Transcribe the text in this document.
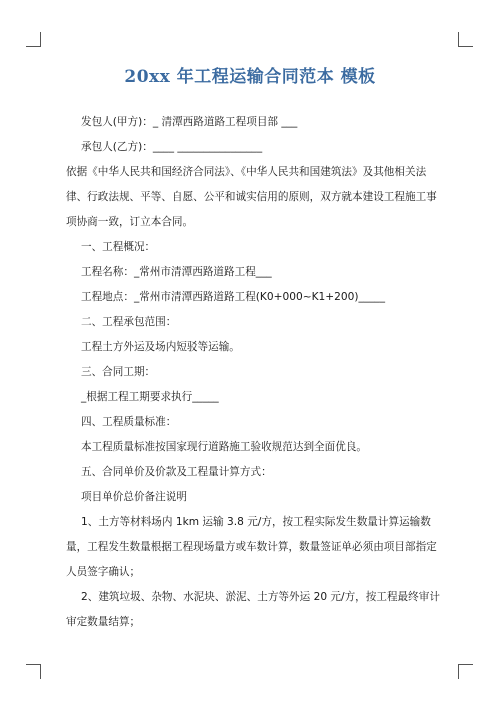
20xx 年工程运输合同范本 模板

发包人(甲方)：_ 清潭西路道路工程项目部 ___

承包人(乙方)：____ ________________

依据《中华人民共和国经济合同法》、《中华人民共和国建筑法》及其他相关法律、行政法规、平等、自愿、公平和诚实信用的原则，双方就本建设工程施工事项协商一致，订立本合同。

一、工程概况：

工程名称：_常州市清潭西路道路工程___

工程地点：_常州市清潭西路道路工程(K0+000~K1+200)_____

二、工程承包范围：

工程土方外运及场内短驳等运输。

三、合同工期：

_根据工程工期要求执行_____

四、工程质量标准：

本工程质量标准按国家现行道路施工验收规范达到全面优良。

五、合同单价及价款及工程量计算方式：

项目单价总价备注说明

1、土方等材料场内 1km 运输 3.8 元/方，按工程实际发生数量计算运输数量，工程发生数量根据工程现场量方或车数计算，数量签证单必须由项目部指定人员签字确认；

2、建筑垃圾、杂物、水泥块、淤泥、土方等外运 20 元/方，按工程最终审计审定数量结算；
